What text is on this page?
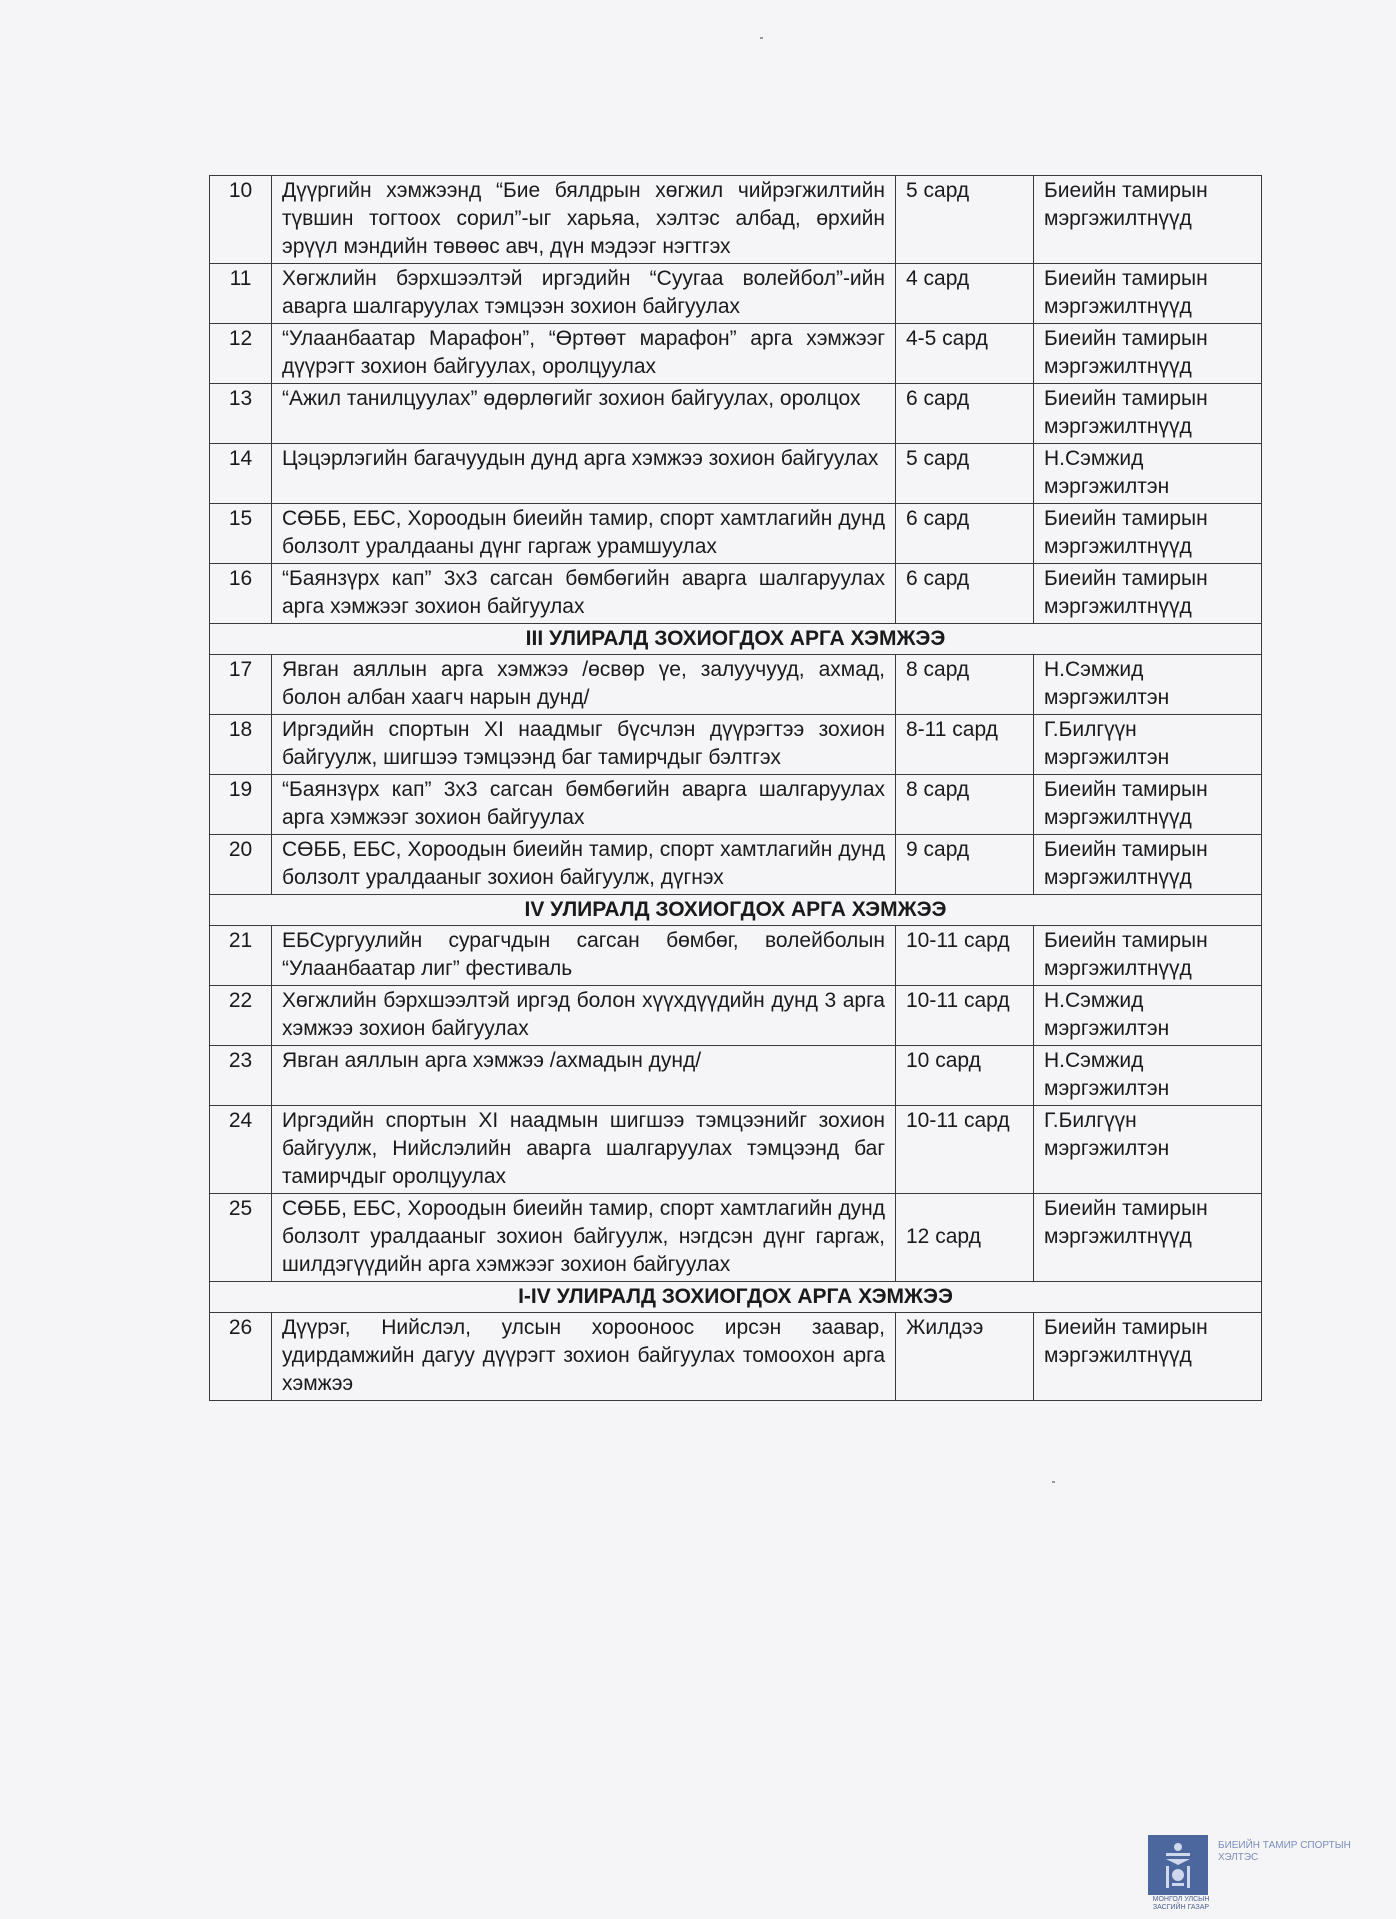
10	Дүүргийн хэмжээнд “Бие бялдрын хөгжил чийрэгжилтийн түвшин тогтоох сорил”-ыг харьяа, хэлтэс албад, өрхийн эрүүл мэндийн төвөөс авч, дүн мэдээг нэгтгэх	5 сард	Биеийн тамирын мэргэжилтнүүд
11	Хөгжлийн бэрхшээлтэй иргэдийн “Суугаа волейбол”-ийн аварга шалгаруулах тэмцээн зохион байгуулах	4 сард	Биеийн тамирын мэргэжилтнүүд
12	“Улаанбаатар Марафон”, “Өртөөт марафон” арга хэмжээг дүүрэгт зохион байгуулах, оролцуулах	4-5 сард	Биеийн тамирын мэргэжилтнүүд
13	“Ажил танилцуулах” өдөрлөгийг зохион байгуулах, оролцох	6 сард	Биеийн тамирын мэргэжилтнүүд
14	Цэцэрлэгийн багачуудын дунд арга хэмжээ зохион байгуулах	5 сард	Н.Сэмжид мэргэжилтэн
15	СӨББ, ЕБС, Хороодын биеийн тамир, спорт хамтлагийн дунд болзолт уралдааны дүнг гаргаж урамшуулах	6 сард	Биеийн тамирын мэргэжилтнүүд
16	“Баянзүрх кап” 3х3 сагсан бөмбөгийн аварга шалгаруулах арга хэмжээг зохион байгуулах	6 сард	Биеийн тамирын мэргэжилтнүүд
III УЛИРАЛД ЗОХИОГДОХ АРГА ХЭМЖЭЭ			
17	Явган аяллын арга хэмжээ /өсвөр үе, залуучууд, ахмад, болон албан хаагч нарын дунд/	8 сард	Н.Сэмжид мэргэжилтэн
18	Иргэдийн спортын XI наадмыг бүсчлэн дүүрэгтээ зохион байгуулж, шигшээ тэмцээнд баг тамирчдыг бэлтгэх	8-11 сард	Г.Билгүүн мэргэжилтэн
19	“Баянзүрх кап” 3х3 сагсан бөмбөгийн аварга шалгаруулах арга хэмжээг зохион байгуулах	8 сард	Биеийн тамирын мэргэжилтнүүд
20	СӨББ, ЕБС, Хороодын биеийн тамир, спорт хамтлагийн дунд болзолт уралдааныг зохион байгуулж, дүгнэх	9 сард	Биеийн тамирын мэргэжилтнүүд
IV УЛИРАЛД ЗОХИОГДОХ АРГА ХЭМЖЭЭ			
21	ЕБСургуулийн сурагчдын сагсан бөмбөг, волейболын “Улаанбаатар лиг” фестиваль	10-11 сард	Биеийн тамирын мэргэжилтнүүд
22	Хөгжлийн бэрхшээлтэй иргэд болон хүүхдүүдийн дунд 3 арга хэмжээ зохион байгуулах	10-11 сард	Н.Сэмжид мэргэжилтэн
23	Явган аяллын арга хэмжээ /ахмадын дунд/	10 сард	Н.Сэмжид мэргэжилтэн
24	Иргэдийн спортын XI наадмын шигшээ тэмцээнийг зохион байгуулж, Нийслэлийн аварга шалгаруулах тэмцээнд баг тамирчдыг оролцуулах	10-11 сард	Г.Билгүүн мэргэжилтэн
25	СӨББ, ЕБС, Хороодын биеийн тамир, спорт хамтлагийн дунд болзолт уралдааныг зохион байгуулж, нэгдсэн дүнг гаргаж, шилдэгүүдийн арга хэмжээг зохион байгуулах	12 сард	Биеийн тамирын мэргэжилтнүүд
I-IV УЛИРАЛД ЗОХИОГДОХ АРГА ХЭМЖЭЭ			
26	Дүүрэг, Нийслэл, улсын хорооноос ирсэн заавар, удирдамжийн дагуу дүүрэгт зохион байгуулах томоохон арга хэмжээ	Жилдээ	Биеийн тамирын мэргэжилтнүүд
МОНГОЛ УЛСЫН ЗАСГИЙН ГАЗАР
БИЕИЙН ТАМИР СПОРТЫН ХЭЛТЭС
